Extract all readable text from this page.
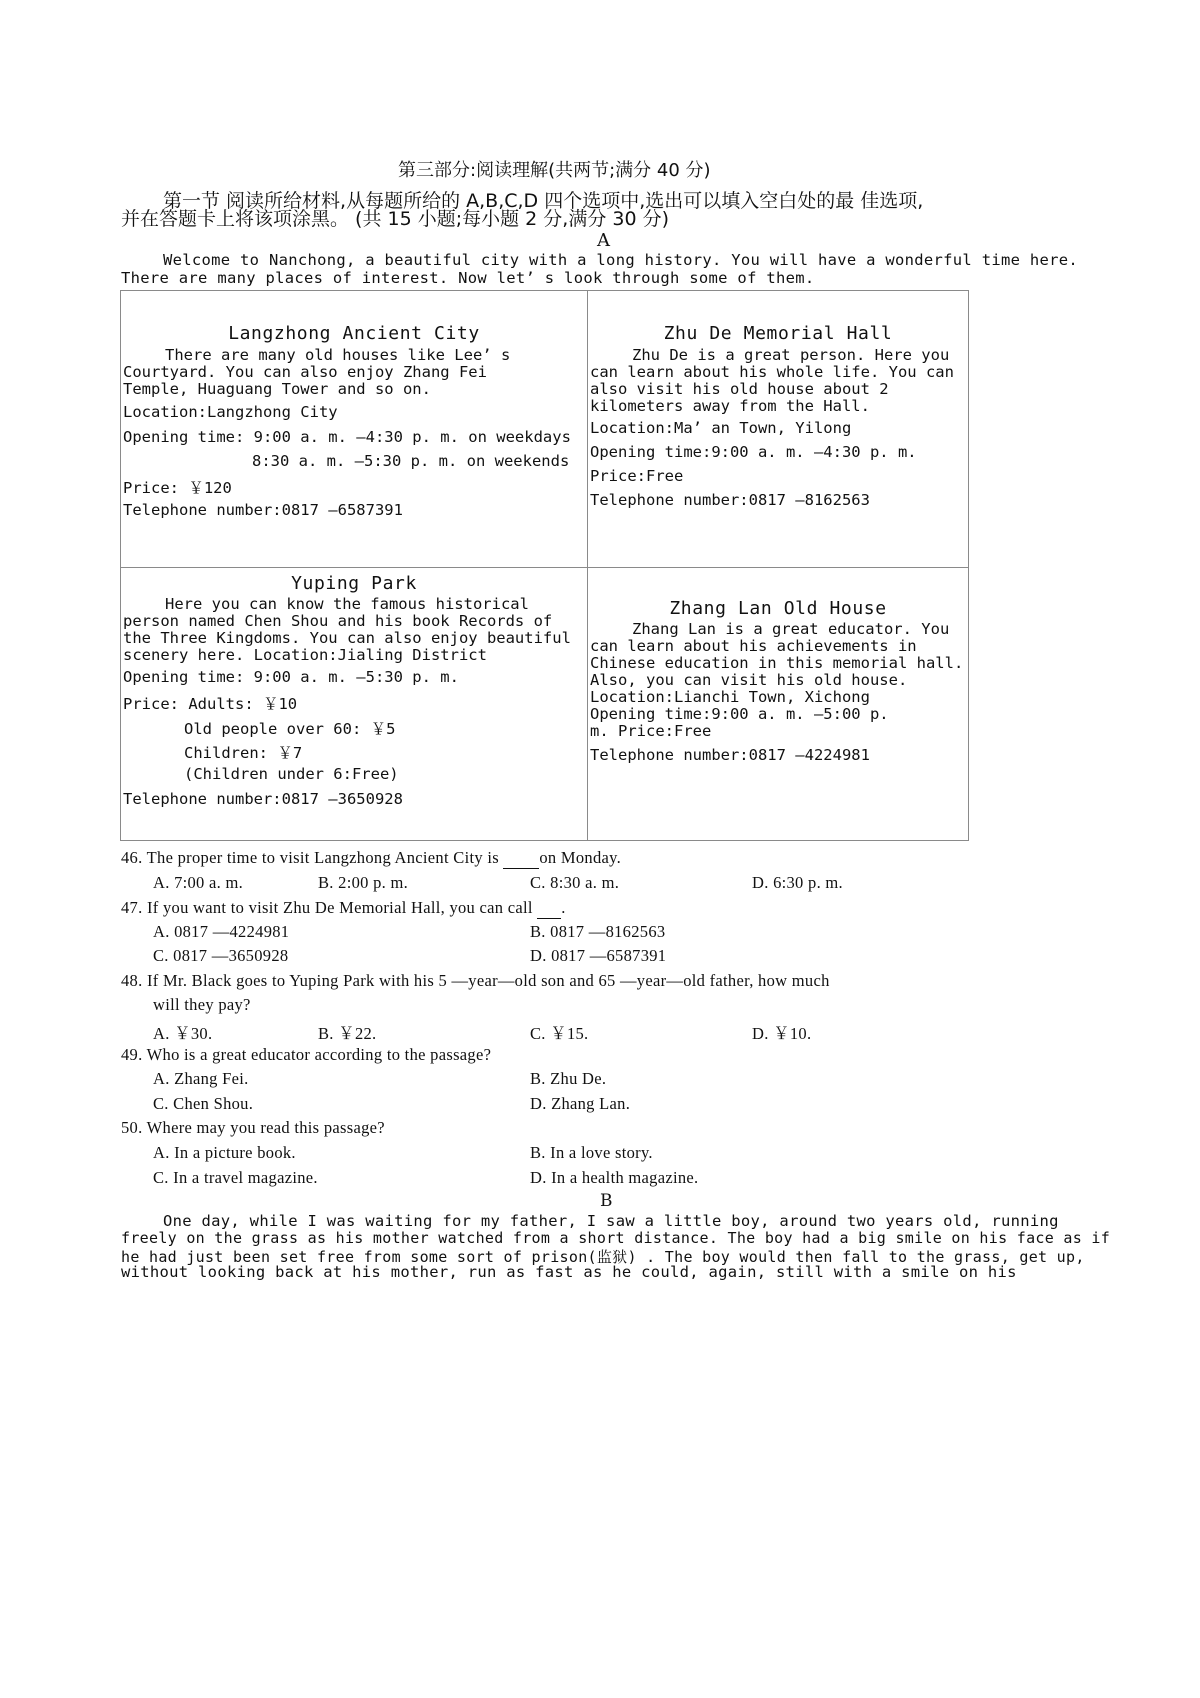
第三部分:阅读理解(共两节;满分 40 分)
第一节 阅读所给材料,从每题所给的 A,B,C,D 四个选项中,选出可以填入空白处的最 佳选项,
并在答题卡上将该项涂黑。 (共 15 小题;每小题 2 分,满分 30 分)
A
Welcome to Nanchong, a beautiful city with a long history. You will have a wonderful time here.
There are many places of interest. Now let’ s look through some of them.
Langzhong Ancient City
There are many old houses like Lee’ s
Courtyard. You can also enjoy Zhang Fei
Temple, Huaguang Tower and so on.
Location:Langzhong City
Opening time: 9:00 a. m. —4:30 p. m. on weekdays
8:30 a. m. —5:30 p. m. on weekends
Price: ￥120
Telephone number:0817 —6587391
Zhu De Memorial Hall
Zhu De is a great person. Here you
can learn about his whole life. You can
also visit his old house about 2
kilometers away from the Hall.
Location:Ma’ an Town, Yilong
Opening time:9:00 a. m. —4:30 p. m.
Price:Free
Telephone number:0817 —8162563
Yuping Park
Here you can know the famous historical
person named Chen Shou and his book Records of
the Three Kingdoms. You can also enjoy beautiful
scenery here. Location:Jialing District
Opening time: 9:00 a. m. —5:30 p. m.
Price: Adults: ￥10
Old people over 60: ￥5
Children: ￥7
(Children under 6:Free)
Telephone number:0817 —3650928
Zhang Lan Old House
Zhang Lan is a great educator. You
can learn about his achievements in
Chinese education in this memorial hall.
Also, you can visit his old house.
Location:Lianchi Town, Xichong
Opening time:9:00 a. m. —5:00 p.
m. Price:Free
Telephone number:0817 —4224981
46. The proper time to visit Langzhong Ancient City is  on Monday.
A. 7:00 a. m.	B. 2:00 p. m.	C. 8:30 a. m.	D. 6:30 p. m.
47. If you want to visit Zhu De Memorial Hall, you can call  .
A. 0817 —4224981	B. 0817 —8162563
C. 0817 —3650928	D. 0817 —6587391
48. If Mr. Black goes to Yuping Park with his 5 —year—old son and 65 —year—old father, how much
will they pay?
A. ￥30.	B. ￥22.	C. ￥15.	D. ￥10.
49. Who is a great educator according to the passage?
A. Zhang Fei.	B. Zhu De.
C. Chen Shou.	D. Zhang Lan.
50. Where may you read this passage?
A. In a picture book.	B. In a love story.
C. In a travel magazine.	D. In a health magazine.
B
One day, while I was waiting for my father, I saw a little boy, around two years old, running
freely on the grass as his mother watched from a short distance. The boy had a big smile on his face as if
he had just been set free from some sort of prison(监狱) . The boy would then fall to the grass, get up,
without looking back at his mother, run as fast as he could, again, still with a smile on his
